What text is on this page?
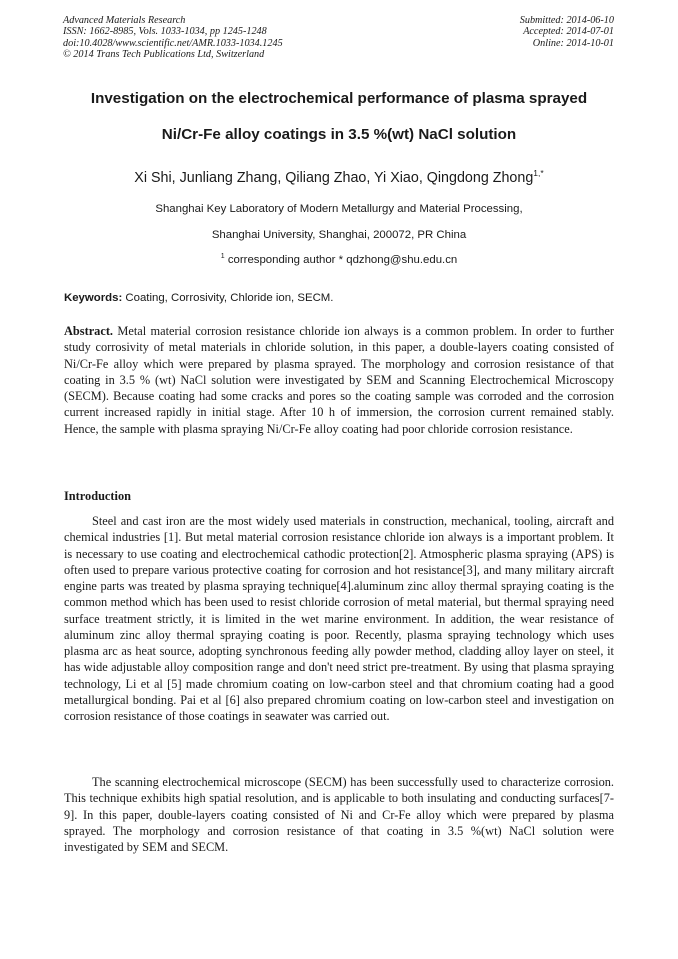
Advanced Materials Research
ISSN: 1662-8985, Vols. 1033-1034, pp 1245-1248
doi:10.4028/www.scientific.net/AMR.1033-1034.1245
© 2014 Trans Tech Publications Ltd, Switzerland
Submitted: 2014-06-10
Accepted: 2014-07-01
Online: 2014-10-01
Investigation on the electrochemical performance of plasma sprayed
Ni/Cr-Fe alloy coatings in 3.5 %(wt) NaCl solution
Xi Shi, Junliang Zhang, Qiliang Zhao, Yi Xiao, Qingdong Zhong$^{1,*}$
Shanghai Key Laboratory of Modern Metallurgy and Material Processing,
Shanghai University, Shanghai, 200072, PR China
$^1$ corresponding author * qdzhong@shu.edu.cn
Keywords: Coating, Corrosivity, Chloride ion, SECM.
Abstract. Metal material corrosion resistance chloride ion always is a common problem. In order to further study corrosivity of metal materials in chloride solution, in this paper, a double-layers coating consisted of Ni/Cr-Fe alloy which were prepared by plasma sprayed. The morphology and corrosion resistance of that coating in 3.5 % (wt) NaCl solution were investigated by SEM and Scanning Electrochemical Microscopy (SECM). Because coating had some cracks and pores so the coating sample was corroded and the corrosion current increased rapidly in initial stage. After 10 h of immersion, the corrosion current remained stably. Hence, the sample with plasma spraying Ni/Cr-Fe alloy coating had poor chloride corrosion resistance.
Introduction
Steel and cast iron are the most widely used materials in construction, mechanical, tooling, aircraft and chemical industries [1]. But metal material corrosion resistance chloride ion always is a important problem. It is necessary to use coating and electrochemical cathodic protection[2]. Atmospheric plasma spraying (APS) is often used to prepare various protective coating for corrosion and hot resistance[3], and many military aircraft engine parts was treated by plasma spraying technique[4].aluminum zinc alloy thermal spraying coating is the common method which has been used to resist chloride corrosion of metal material, but thermal spraying need surface treatment strictly, it is limited in the wet marine environment. In addition, the wear resistance of aluminum zinc alloy thermal spraying coating is poor. Recently, plasma spraying technology which uses plasma arc as heat source, adopting synchronous feeding ally powder method, cladding alloy layer on steel, it has wide adjustable alloy composition range and don't need strict pre-treatment. By using that plasma spraying technology, Li et al [5] made chromium coating on low-carbon steel and that chromium coating had a good metallurgical bonding. Pai et al [6] also prepared chromium coating on low-carbon steel and investigation on corrosion resistance of those coatings in seawater was carried out.
The scanning electrochemical microscope (SECM) has been successfully used to characterize corrosion. This technique exhibits high spatial resolution, and is applicable to both insulating and conducting surfaces[7-9]. In this paper, double-layers coating consisted of Ni and Cr-Fe alloy which were prepared by plasma sprayed. The morphology and corrosion resistance of that coating in 3.5 %(wt) NaCl solution were investigated by SEM and SECM.
